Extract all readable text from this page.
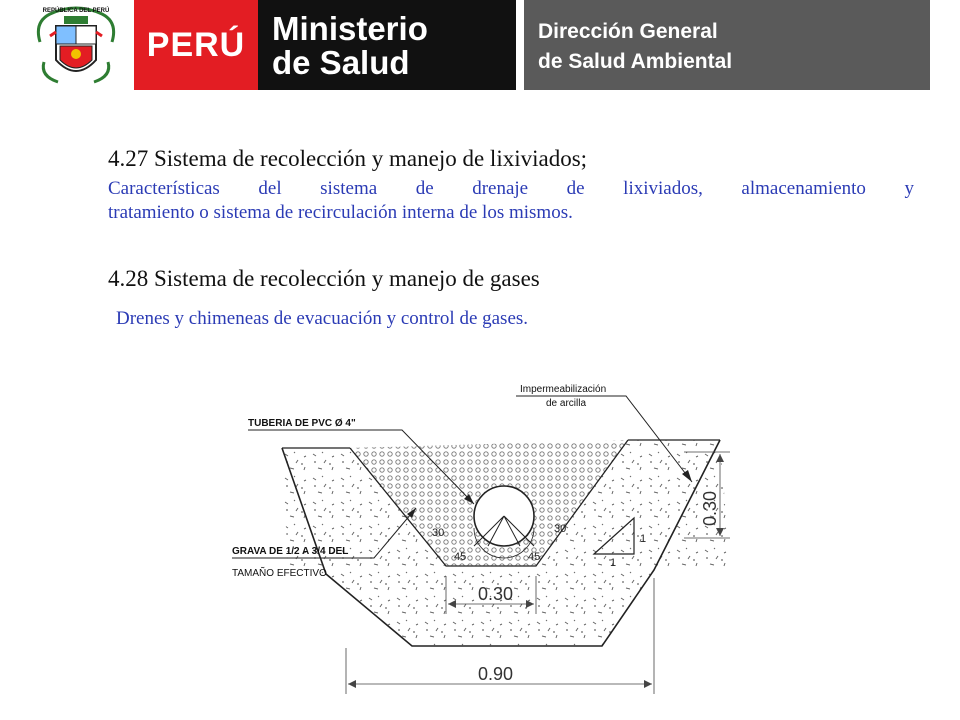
REPÚBLICA DEL PERÚ
PERÚ Ministerio
de Salud
Dirección General
de Salud Ambiental
4.27 Sistema de recolección y manejo de lixiviados;
Características del sistema de drenaje de lixiviados, almacenamiento y
tratamiento o sistema de recirculación interna de los mismos.
4.28 Sistema de recolección y manejo de gases
Drenes y chimeneas de evacuación y control de gases.
1
1
30	30
45	45
TUBERIA DE PVC Ø 4"
Impermeabilización
de arcilla
GRAVA DE 1/2 A 3/4 DEL
TAMAÑO EFECTIVO
0.30
0.90
0.30
